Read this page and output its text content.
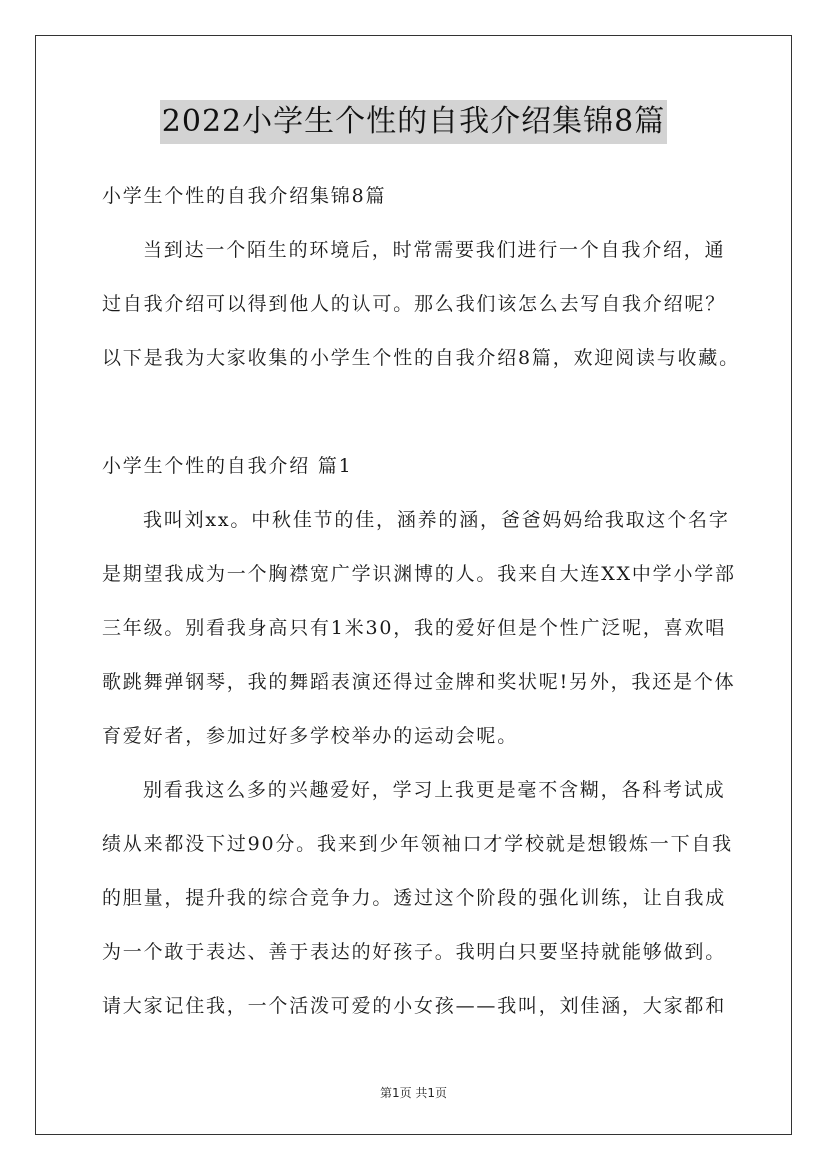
2022小学生个性的自我介绍集锦8篇
小学生个性的自我介绍集锦8篇
当到达一个陌生的环境后，时常需要我们进行一个自我介绍，通
过自我介绍可以得到他人的认可。那么我们该怎么去写自我介绍呢？
以下是我为大家收集的小学生个性的自我介绍8篇，欢迎阅读与收藏。
小学生个性的自我介绍 篇1
我叫刘xx。中秋佳节的佳，涵养的涵，爸爸妈妈给我取这个名字
是期望我成为一个胸襟宽广学识渊博的人。我来自大连XX中学小学部
三年级。别看我身高只有1米30，我的爱好但是个性广泛呢，喜欢唱
歌跳舞弹钢琴，我的舞蹈表演还得过金牌和奖状呢!另外，我还是个体
育爱好者，参加过好多学校举办的运动会呢。
别看我这么多的兴趣爱好，学习上我更是毫不含糊，各科考试成
绩从来都没下过90分。我来到少年领袖口才学校就是想锻炼一下自我
的胆量，提升我的综合竞争力。透过这个阶段的强化训练，让自我成
为一个敢于表达、善于表达的好孩子。我明白只要坚持就能够做到。
请大家记住我，一个活泼可爱的小女孩——我叫，刘佳涵，大家都和
第1页 共1页
